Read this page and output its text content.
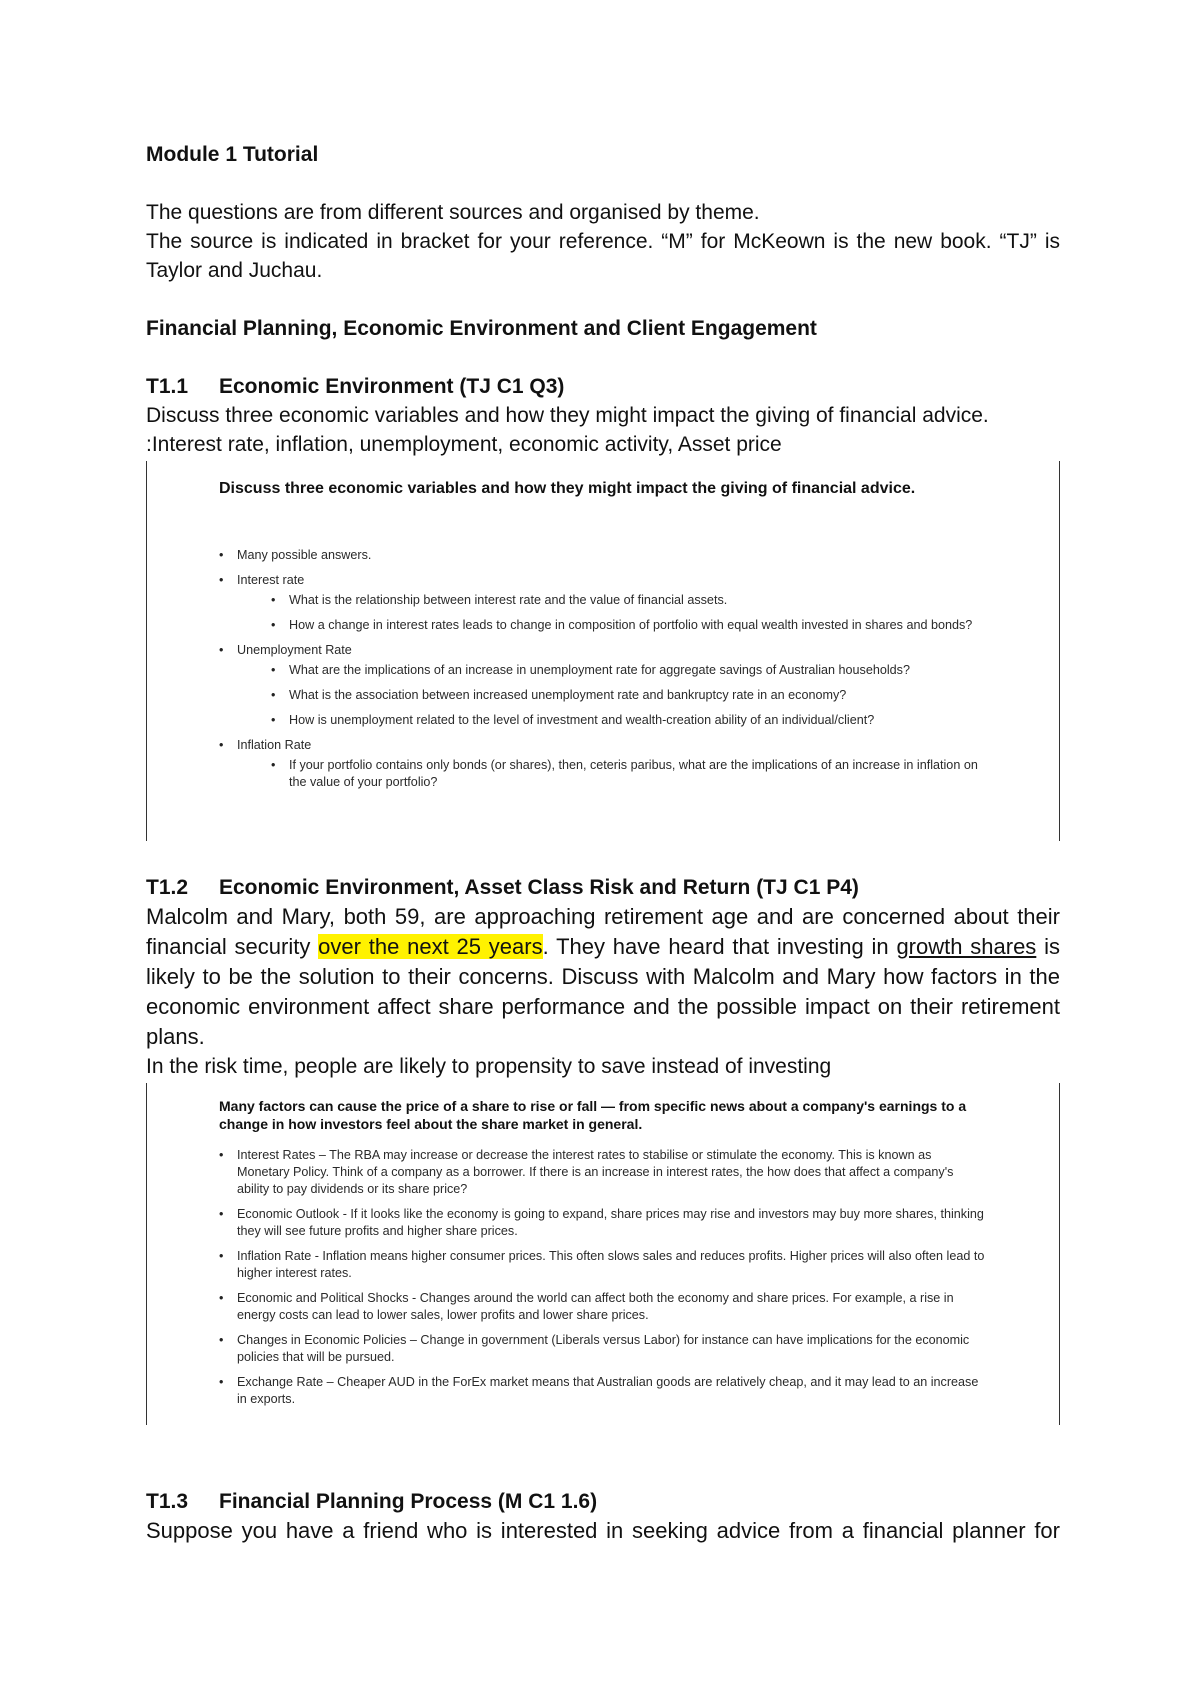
Module 1 Tutorial

The questions are from different sources and organised by theme.

The source is indicated in bracket for your reference. “M” for McKeown is the new book. “TJ” is Taylor and Juchau.

Financial Planning, Economic Environment and Client Engagement

T1.1	Economic Environment (TJ C1 Q3)

Discuss three economic variables and how they might impact the giving of financial advice.

:Interest rate, inflation, unemployment, economic activity, Asset price

Discuss three economic variables and how they might impact the giving of financial advice.

• Many possible answers.
• Interest rate
• What is the relationship between interest rate and the value of financial assets.
• How a change in interest rates leads to change in composition of portfolio with equal wealth invested in shares and bonds?
• Unemployment Rate
• What are the implications of an increase in unemployment rate for aggregate savings of Australian households?
• What is the association between increased unemployment rate and bankruptcy rate in an economy?
• How is unemployment related to the level of investment and wealth-creation ability of an individual/client?
• Inflation Rate
• If your portfolio contains only bonds (or shares), then, ceteris paribus, what are the implications of an increase in inflation on the value of your portfolio?
T1.2	Economic Environment, Asset Class Risk and Return (TJ C1 P4)

Malcolm and Mary, both 59, are approaching retirement age and are concerned about their financial security over the next 25 years. They have heard that investing in growth shares is likely to be the solution to their concerns. Discuss with Malcolm and Mary how factors in the economic environment affect share performance and the possible impact on their retirement plans.

In the risk time, people are likely to propensity to save instead of investing

Many factors can cause the price of a share to rise or fall — from specific news about a company's earnings to a change in how investors feel about the share market in general.

• Interest Rates – The RBA may increase or decrease the interest rates to stabilise or stimulate the economy. This is known as Monetary Policy. Think of a company as a borrower. If there is an increase in interest rates, the how does that affect a company's ability to pay dividends or its share price?
• Economic Outlook - If it looks like the economy is going to expand, share prices may rise and investors may buy more shares, thinking they will see future profits and higher share prices.
• Inflation Rate - Inflation means higher consumer prices. This often slows sales and reduces profits. Higher prices will also often lead to higher interest rates.
• Economic and Political Shocks - Changes around the world can affect both the economy and share prices. For example, a rise in energy costs can lead to lower sales, lower profits and lower share prices.
• Changes in Economic Policies – Change in government (Liberals versus Labor) for instance can have implications for the economic policies that will be pursued.
• Exchange Rate – Cheaper AUD in the ForEx market means that Australian goods are relatively cheap, and it may lead to an increase in exports.
T1.3	Financial Planning Process (M C1 1.6)

Suppose you have a friend who is interested in seeking advice from a financial planner for
